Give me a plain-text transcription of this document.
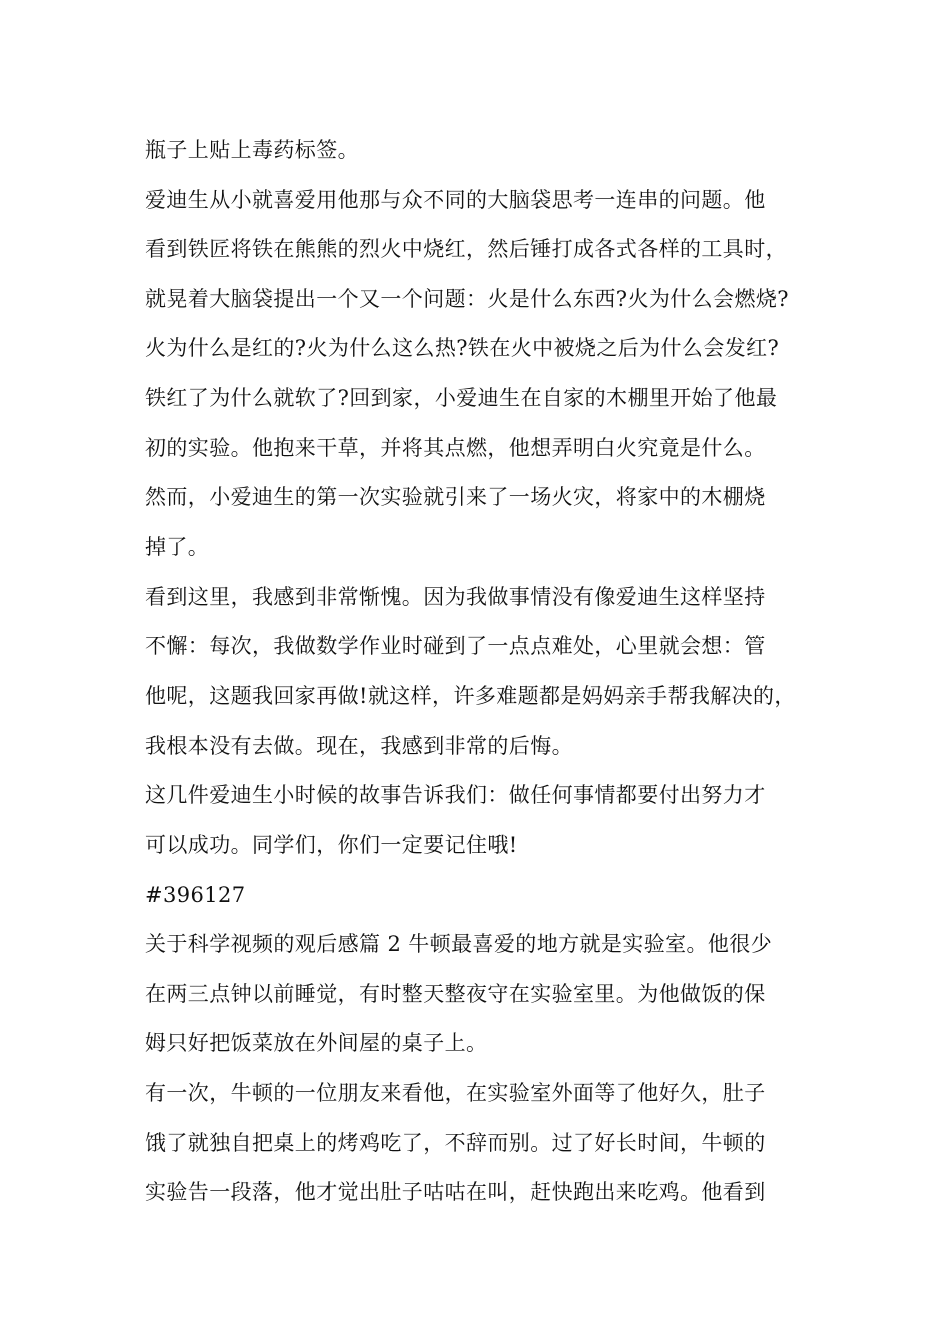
瓶子上贴上毒药标签。
爱迪生从小就喜爱用他那与众不同的大脑袋思考一连串的问题。他
看到铁匠将铁在熊熊的烈火中烧红，然后锤打成各式各样的工具时，
就晃着大脑袋提出一个又一个问题：火是什么东西?火为什么会燃烧?
火为什么是红的?火为什么这么热?铁在火中被烧之后为什么会发红?
铁红了为什么就软了?回到家，小爱迪生在自家的木棚里开始了他最
初的实验。他抱来干草，并将其点燃，他想弄明白火究竟是什么。
然而，小爱迪生的第一次实验就引来了一场火灾，将家中的木棚烧
掉了。
看到这里，我感到非常惭愧。因为我做事情没有像爱迪生这样坚持
不懈：每次，我做数学作业时碰到了一点点难处，心里就会想：管
他呢，这题我回家再做!就这样，许多难题都是妈妈亲手帮我解决的，
我根本没有去做。现在，我感到非常的后悔。
这几件爱迪生小时候的故事告诉我们：做任何事情都要付出努力才
可以成功。同学们，你们一定要记住哦!
#396127
关于科学视频的观后感篇 2 牛顿最喜爱的地方就是实验室。他很少
在两三点钟以前睡觉，有时整天整夜守在实验室里。为他做饭的保
姆只好把饭菜放在外间屋的桌子上。
有一次，牛顿的一位朋友来看他，在实验室外面等了他好久，肚子
饿了就独自把桌上的烤鸡吃了，不辞而别。过了好长时间，牛顿的
实验告一段落，他才觉出肚子咕咕在叫，赶快跑出来吃鸡。他看到
